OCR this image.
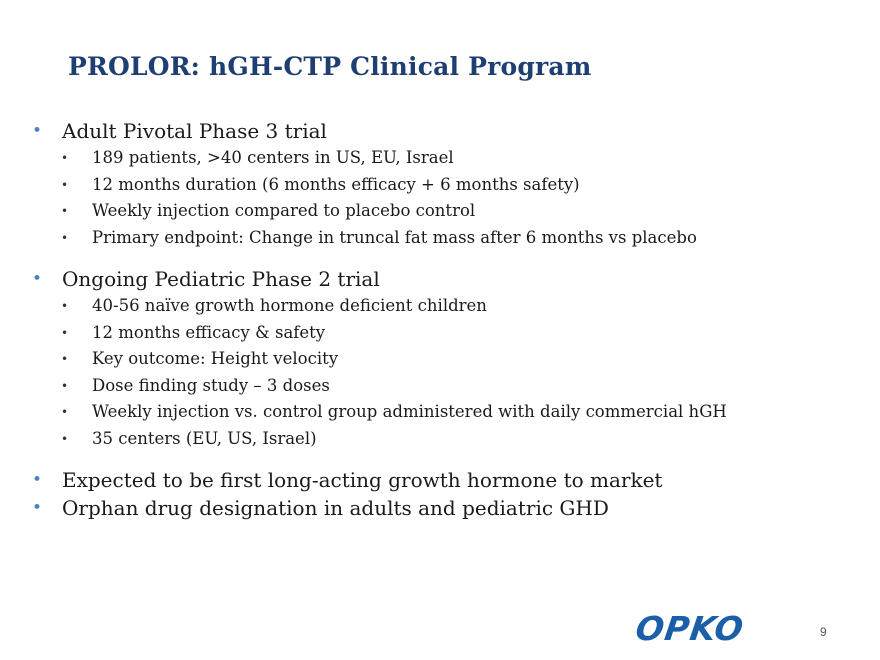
PROLOR: hGH-CTP Clinical Program
• Adult Pivotal Phase 3 trial
• 189 patients, >40 centers in US, EU, Israel
• 12 months duration (6 months efficacy + 6 months safety)
• Weekly injection compared to placebo control
• Primary endpoint: Change in truncal fat mass after 6 months vs placebo
• Ongoing Pediatric Phase 2 trial
• 40-56 naïve growth hormone deficient children
• 12 months efficacy & safety
• Key outcome: Height velocity
• Dose finding study – 3 doses
• Weekly injection vs. control group administered with daily commercial hGH
• 35 centers (EU, US, Israel)
• Expected to be first long-acting growth hormone to market
• Orphan drug designation in adults and pediatric GHD
OPKO	9
